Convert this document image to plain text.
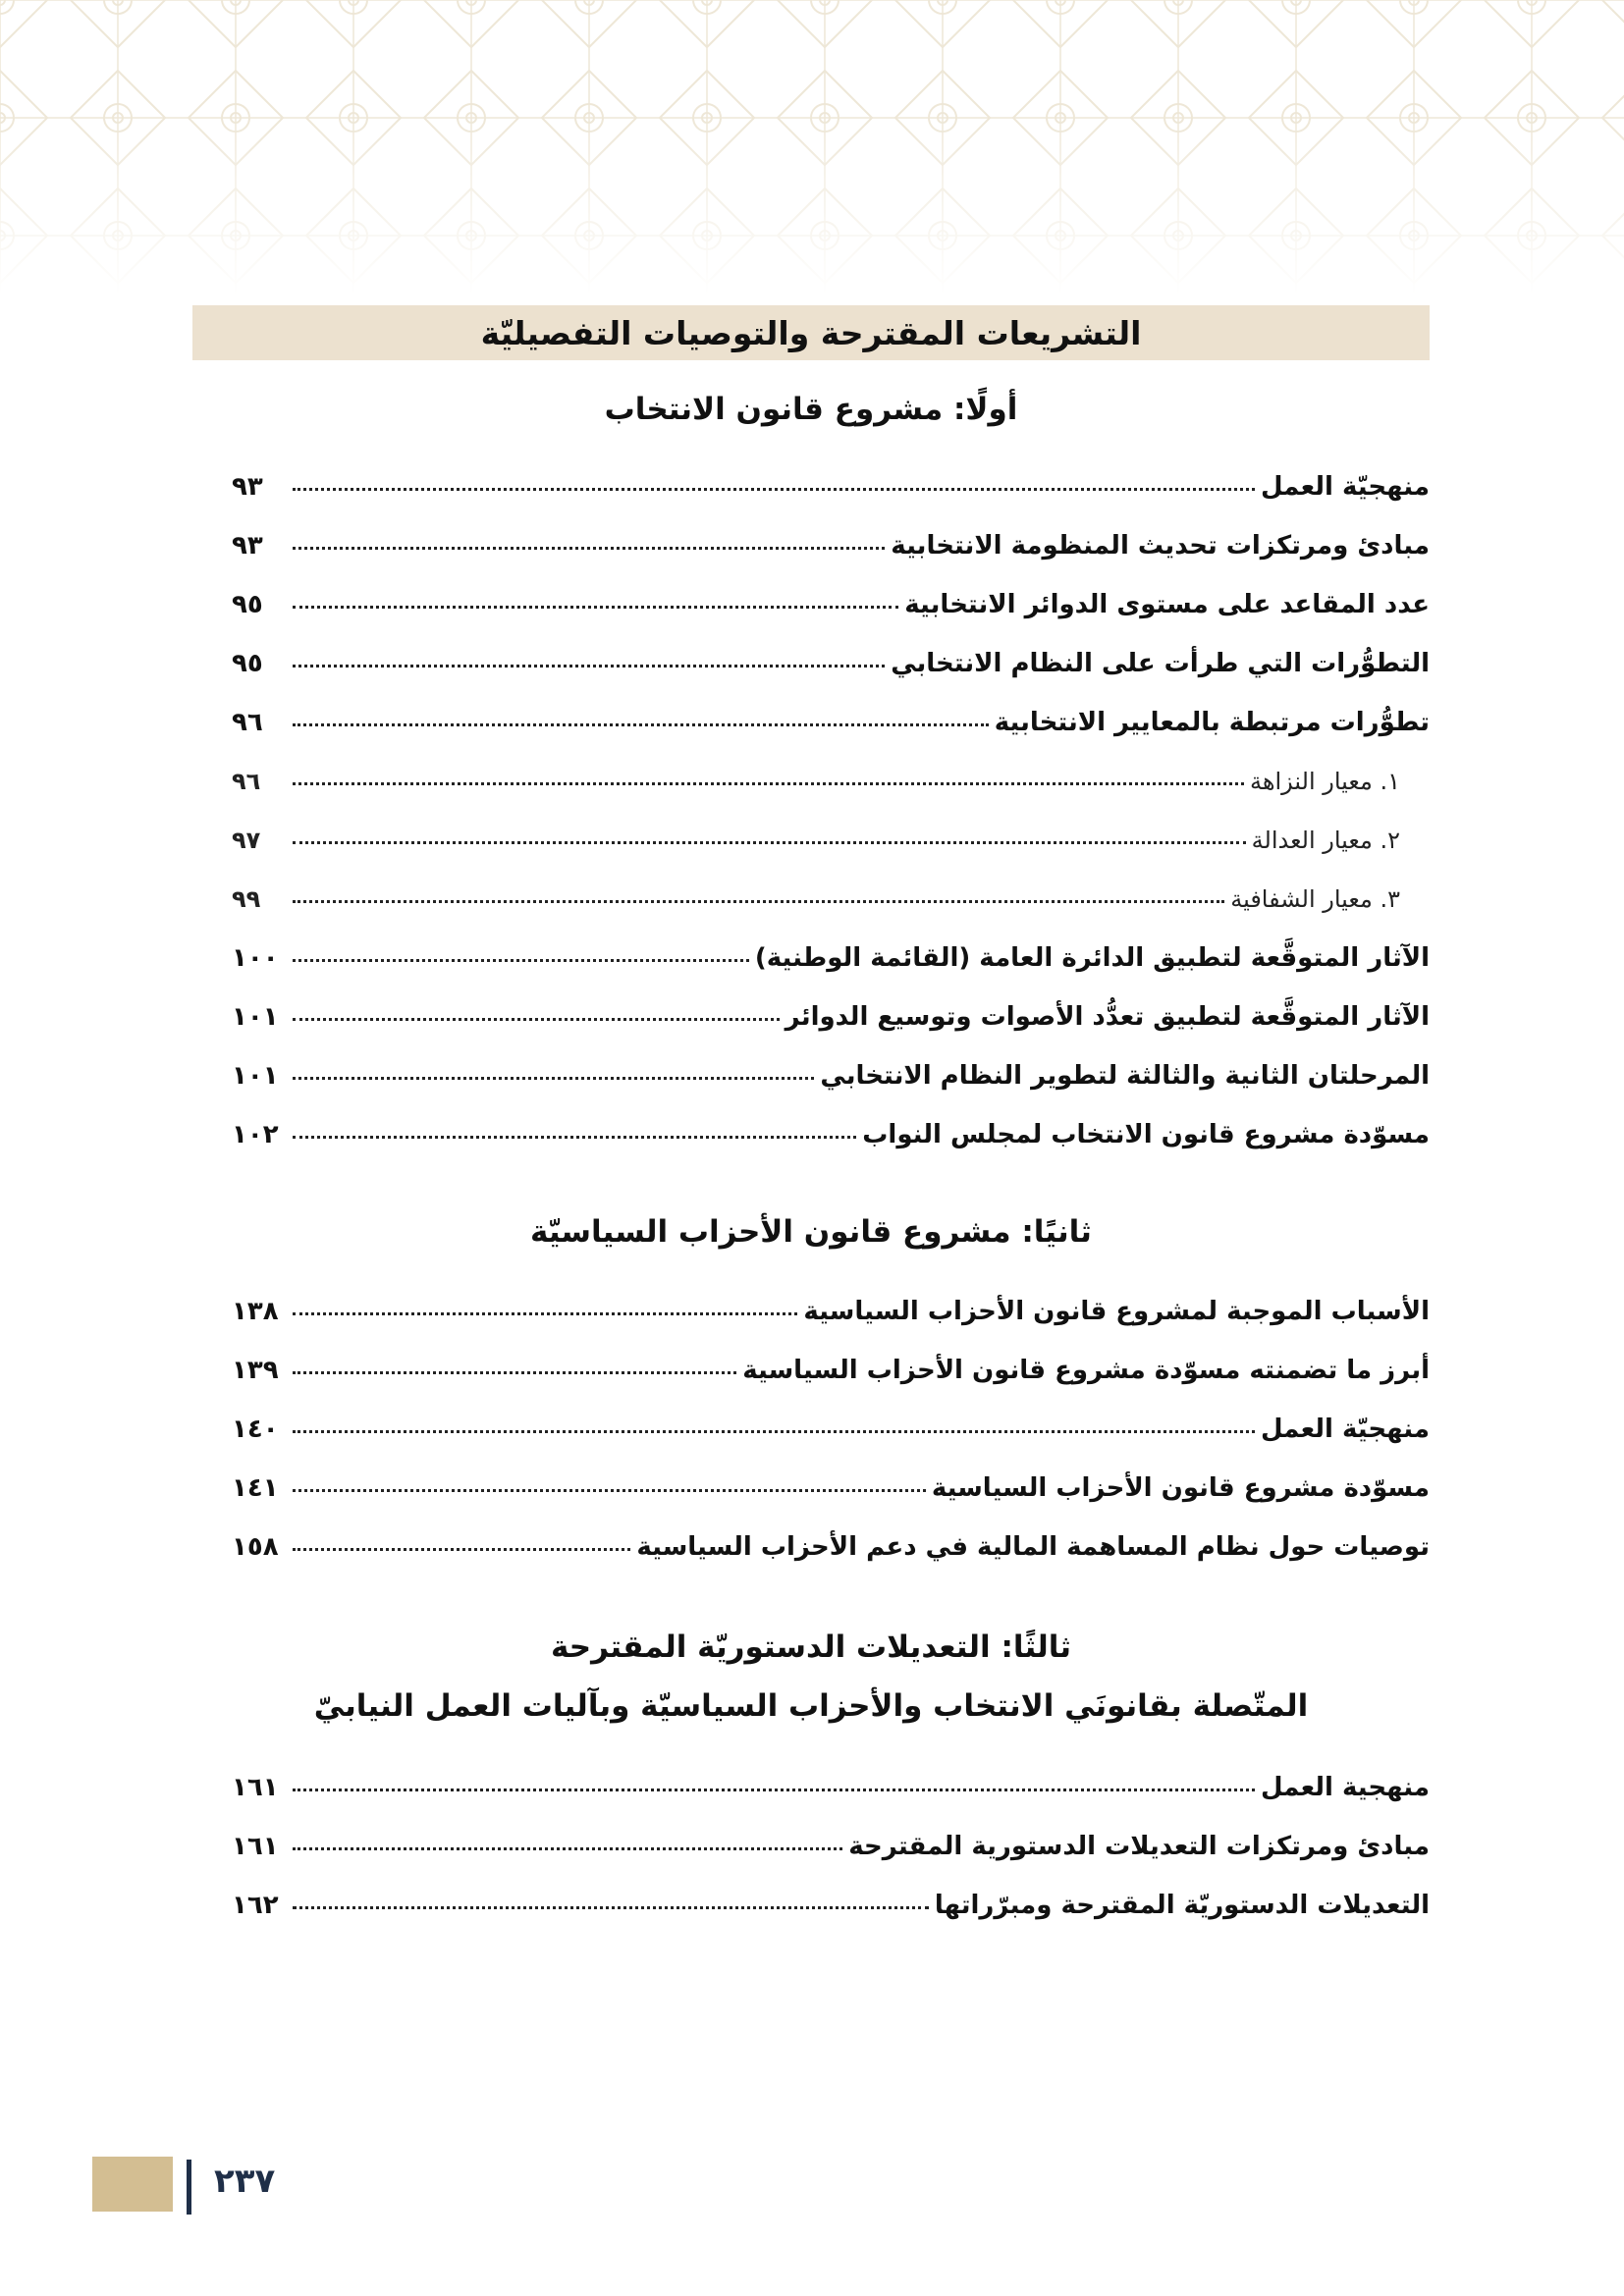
التشريعات المقترحة والتوصيات التفصيليّة
أولًا: مشروع قانون الانتخاب
منهجيّة العمل
٩٣
مبادئ ومرتكزات تحديث المنظومة الانتخابية
٩٣
عدد المقاعد على مستوى الدوائر الانتخابية
٩٥
التطوُّرات التي طرأت على النظام الانتخابي
٩٥
تطوُّرات مرتبطة بالمعايير الانتخابية
٩٦
١. معيار النزاهة
٩٦
٢. معيار العدالة
٩٧
٣. معيار الشفافية
٩٩
الآثار المتوقَّعة لتطبيق الدائرة العامة (القائمة الوطنية)
١٠٠
الآثار المتوقَّعة لتطبيق تعدُّد الأصوات وتوسيع الدوائر
١٠١
المرحلتان الثانية والثالثة لتطوير النظام الانتخابي
١٠١
مسوّدة مشروع قانون الانتخاب لمجلس النواب
١٠٢
ثانيًا: مشروع قانون الأحزاب السياسيّة
الأسباب الموجبة لمشروع قانون الأحزاب السياسية
١٣٨
أبرز ما تضمنته مسوّدة مشروع قانون الأحزاب السياسية
١٣٩
منهجيّة العمل
١٤٠
مسوّدة مشروع قانون الأحزاب السياسية
١٤١
توصيات حول نظام المساهمة المالية في دعم الأحزاب السياسية
١٥٨
ثالثًا: التعديلات الدستوريّة المقترحة
المتّصلة بقانونَي الانتخاب والأحزاب السياسيّة وبآليات العمل النيابيّ
منهجية العمل
١٦١
مبادئ ومرتكزات التعديلات الدستورية المقترحة
١٦١
التعديلات الدستوريّة المقترحة ومبرّراتها
١٦٢
٢٣٧
